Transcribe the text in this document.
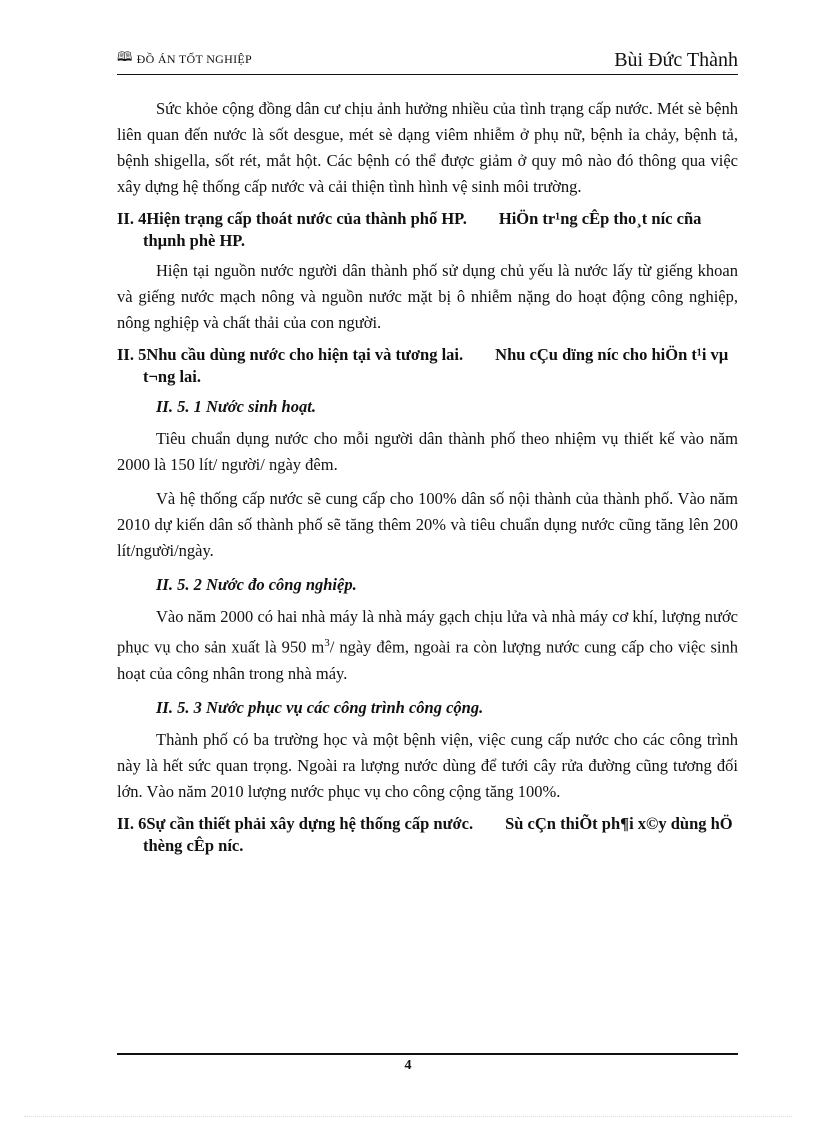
🕮 ĐỒ ÁN TỐT NGHIỆP	Bùi Đức Thành

Sức khỏe cộng đồng dân cư chịu ảnh hưởng nhiều của tình trạng cấp nước. Mét sè bệnh liên quan đến nước là sốt desgue, mét sè dạng viêm nhiễm ở phụ nữ, bệnh ỉa chảy, bệnh tả, bệnh shigella, sốt rét, mắt hột. Các bệnh có thể được giảm ở quy mô nào đó thông qua việc xây dựng hệ thống cấp nước và cải thiện tình hình vệ sinh môi trường.

II. 4Hiện trạng cấp thoát nước của thành phố HP. HiÖn tr¹ng cÊp tho¸t níc cña thµnh phè HP.

Hiện tại nguồn nước người dân thành phố sử dụng chủ yếu là nước lấy từ giếng khoan và giếng nước mạch nông và nguồn nước mặt bị ô nhiễm nặng do hoạt động công nghiệp, nông nghiệp và chất thải của con người.

II. 5Nhu cầu dùng nước cho hiện tại và tương lai. Nhu cÇu dïng níc cho hiÖn t¹i vµ t¬ng lai.
II. 5. 1 Nước sinh hoạt.

Tiêu chuẩn dụng nước cho mỗi người dân thành phố theo nhiệm vụ thiết kế vào năm 2000 là 150 lít/ người/ ngày đêm.

Và hệ thống cấp nước sẽ cung cấp cho 100% dân số nội thành của thành phố. Vào năm 2010 dự kiến dân số thành phố sẽ tăng thêm 20% và tiêu chuẩn dụng nước cũng tăng lên 200 lít/người/ngày.

II. 5. 2 Nước đo công nghiệp.

Vào năm 2000 có hai nhà máy là nhà máy gạch chịu lửa và nhà máy cơ khí, lượng nước phục vụ cho sản xuất là 950 $m^3/$ ngày đêm, ngoài ra còn lượng nước cung cấp cho việc sinh hoạt của công nhân trong nhà máy.

II. 5. 3 Nước phục vụ các công trình công cộng.

Thành phố có ba trường học và một bệnh viện, việc cung cấp nước cho các công trình này là hết sức quan trọng. Ngoài ra lượng nước dùng để tưới cây rửa đường cũng tương đối lớn. Vào năm 2010 lượng nước phục vụ cho công cộng tăng 100%.

II. 6Sự cần thiết phải xây dựng hệ thống cấp nước. Sù cÇn thiÕt ph¶i x©y dùng hÖ thèng cÊp níc.
4
